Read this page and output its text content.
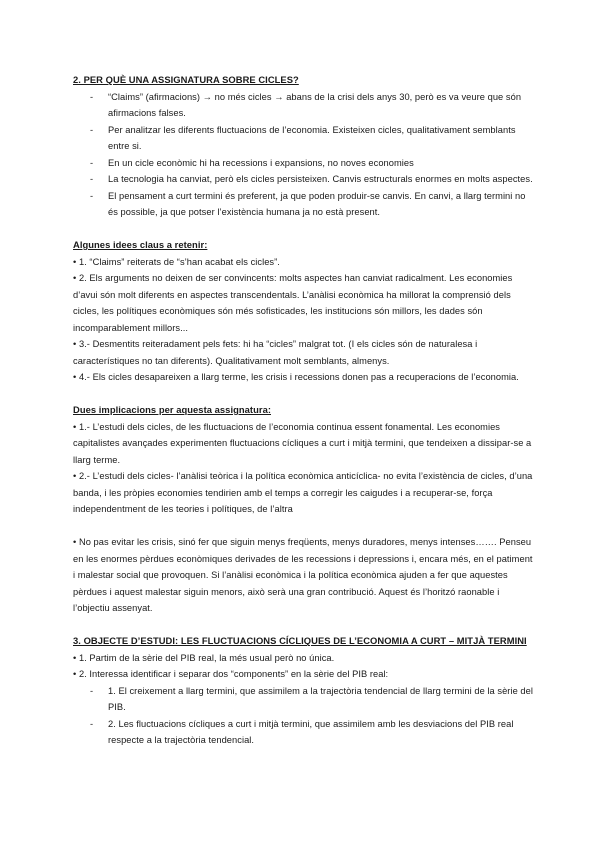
2. PER QUÈ UNA ASSIGNATURA SOBRE CICLES?
- “Claims” (afirmacions) → no més cicles → abans de la crisi dels anys 30, però es va veure que són afirmacions falses.
- Per analitzar les diferents fluctuacions de l’economia. Existeixen cicles, qualitativament semblants entre si.
- En un cicle econòmic hi ha recessions i expansions, no noves economies
- La tecnologia ha canviat, però els cicles persisteixen. Canvis estructurals enormes en molts aspectes.
- El pensament a curt termini és preferent, ja que poden produir-se canvis. En canvi, a llarg termini no és possible, ja que potser l’existència humana ja no està present.
Algunes idees claus a retenir:

• 1. “Claims” reiterats de “s’han acabat els cicles”.

• 2. Els arguments no deixen de ser convincents: molts aspectes han canviat radicalment. Les economies d’avui són molt diferents en aspectes transcendentals. L’anàlisi econòmica ha millorat la comprensió dels cicles, les polítiques econòmiques són més sofisticades, les institucions són millors, les dades són incomparablement millors...

• 3.- Desmentits reiteradament pels fets: hi ha “cicles” malgrat tot. (I els cicles són de naturalesa i característiques no tan diferents). Qualitativament molt semblants, almenys.

• 4.- Els cicles desapareixen a llarg terme, les crisis i recessions donen pas a recuperacions de l’economia.

Dues implicacions per aquesta assignatura:

• 1.- L’estudi dels cicles, de les fluctuacions de l’economia continua essent fonamental. Les economies capitalistes avançades experimenten fluctuacions cícliques a curt i mitjà termini, que tendeixen a dissipar-se a llarg terme.

• 2.- L’estudi dels cicles- l’anàlisi teòrica i la política econòmica anticíclica- no evita l’existència de cicles, d’una banda, i les pròpies economies tendirien amb el temps a corregir les caigudes i a recuperar-se, força independentment de les teories i polítiques, de l’altra

• No pas evitar les crisis, sinó fer que siguin menys freqüents, menys duradores, menys intenses……. Penseu en les enormes pèrdues econòmiques derivades de les recessions i depressions i, encara més, en el patiment i malestar social que provoquen. Si l’anàlisi econòmica i la política econòmica ajuden a fer que aquestes pèrdues i aquest malestar siguin menors, això serà una gran contribució. Aquest és l’horitzó raonable i l’objectiu assenyat.

3. OBJECTE D’ESTUDI: LES FLUCTUACIONS CÍCLIQUES DE L’ECONOMIA A CURT – MITJÀ TERMINI

• 1. Partim de la sèrie del PIB real, la més usual però no única.

• 2. Interessa identificar i separar dos “components” en la sèrie del PIB real:

- 1. El creixement a llarg termini, que assimilem a la trajectòria tendencial de llarg termini de la sèrie del PIB.
- 2. Les fluctuacions cícliques a curt i mitjà termini, que assimilem amb les desviacions del PIB real respecte a la trajectòria tendencial.
